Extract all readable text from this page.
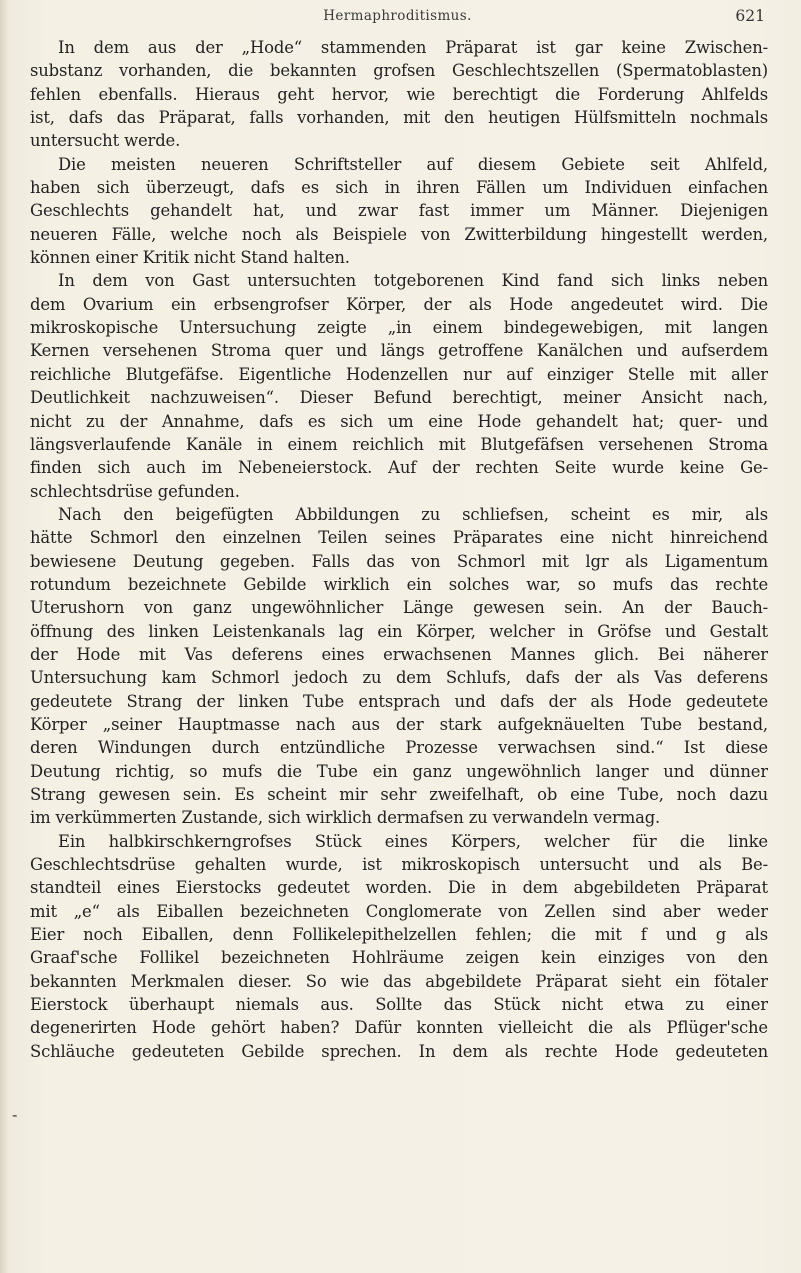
Hermaphroditismus.	621
In dem aus der „Hode“ stammenden Präparat ist gar keine Zwischen-
substanz vorhanden, die bekannten grofsen Geschlechtszellen (Spermatoblasten)
fehlen ebenfalls. Hieraus geht hervor, wie berechtigt die Forderung Ahlfelds
ist, dafs das Präparat, falls vorhanden, mit den heutigen Hülfsmitteln nochmals
untersucht werde.
Die meisten neueren Schriftsteller auf diesem Gebiete seit Ahlfeld,
haben sich überzeugt, dafs es sich in ihren Fällen um Individuen einfachen
Geschlechts gehandelt hat, und zwar fast immer um Männer. Diejenigen
neueren Fälle, welche noch als Beispiele von Zwitterbildung hingestellt werden,
können einer Kritik nicht Stand halten.
In dem von Gast untersuchten totgeborenen Kind fand sich links neben
dem Ovarium ein erbsengrofser Körper, der als Hode angedeutet wird. Die
mikroskopische Untersuchung zeigte „in einem bindegewebigen, mit langen
Kernen versehenen Stroma quer und längs getroffene Kanälchen und aufserdem
reichliche Blutgefäfse. Eigentliche Hodenzellen nur auf einziger Stelle mit aller
Deutlichkeit nachzuweisen“. Dieser Befund berechtigt, meiner Ansicht nach,
nicht zu der Annahme, dafs es sich um eine Hode gehandelt hat; quer- und
längsverlaufende Kanäle in einem reichlich mit Blutgefäfsen versehenen Stroma
finden sich auch im Nebeneierstock. Auf der rechten Seite wurde keine Ge-
schlechtsdrüse gefunden.
Nach den beigefügten Abbildungen zu schliefsen, scheint es mir, als
hätte Schmorl den einzelnen Teilen seines Präparates eine nicht hinreichend
bewiesene Deutung gegeben. Falls das von Schmorl mit lgr als Ligamentum
rotundum bezeichnete Gebilde wirklich ein solches war, so mufs das rechte
Uterushorn von ganz ungewöhnlicher Länge gewesen sein. An der Bauch-
öffnung des linken Leistenkanals lag ein Körper, welcher in Gröfse und Gestalt
der Hode mit Vas deferens eines erwachsenen Mannes glich. Bei näherer
Untersuchung kam Schmorl jedoch zu dem Schlufs, dafs der als Vas deferens
gedeutete Strang der linken Tube entsprach und dafs der als Hode gedeutete
Körper „seiner Hauptmasse nach aus der stark aufgeknäuelten Tube bestand,
deren Windungen durch entzündliche Prozesse verwachsen sind.“ Ist diese
Deutung richtig, so mufs die Tube ein ganz ungewöhnlich langer und dünner
Strang gewesen sein. Es scheint mir sehr zweifelhaft, ob eine Tube, noch dazu
im verkümmerten Zustande, sich wirklich dermafsen zu verwandeln vermag.
Ein halbkirschkerngrofses Stück eines Körpers, welcher für die linke
Geschlechtsdrüse gehalten wurde, ist mikroskopisch untersucht und als Be-
standteil eines Eierstocks gedeutet worden. Die in dem abgebildeten Präparat
mit „e“ als Eiballen bezeichneten Conglomerate von Zellen sind aber weder
Eier noch Eiballen, denn Follikelepithelzellen fehlen; die mit f und g als
Graaf'sche Follikel bezeichneten Hohlräume zeigen kein einziges von den
bekannten Merkmalen dieser. So wie das abgebildete Präparat sieht ein fötaler
Eierstock überhaupt niemals aus. Sollte das Stück nicht etwa zu einer
degenerirten Hode gehört haben? Dafür konnten vielleicht die als Pflüger'sche
Schläuche gedeuteten Gebilde sprechen. In dem als rechte Hode gedeuteten
-
